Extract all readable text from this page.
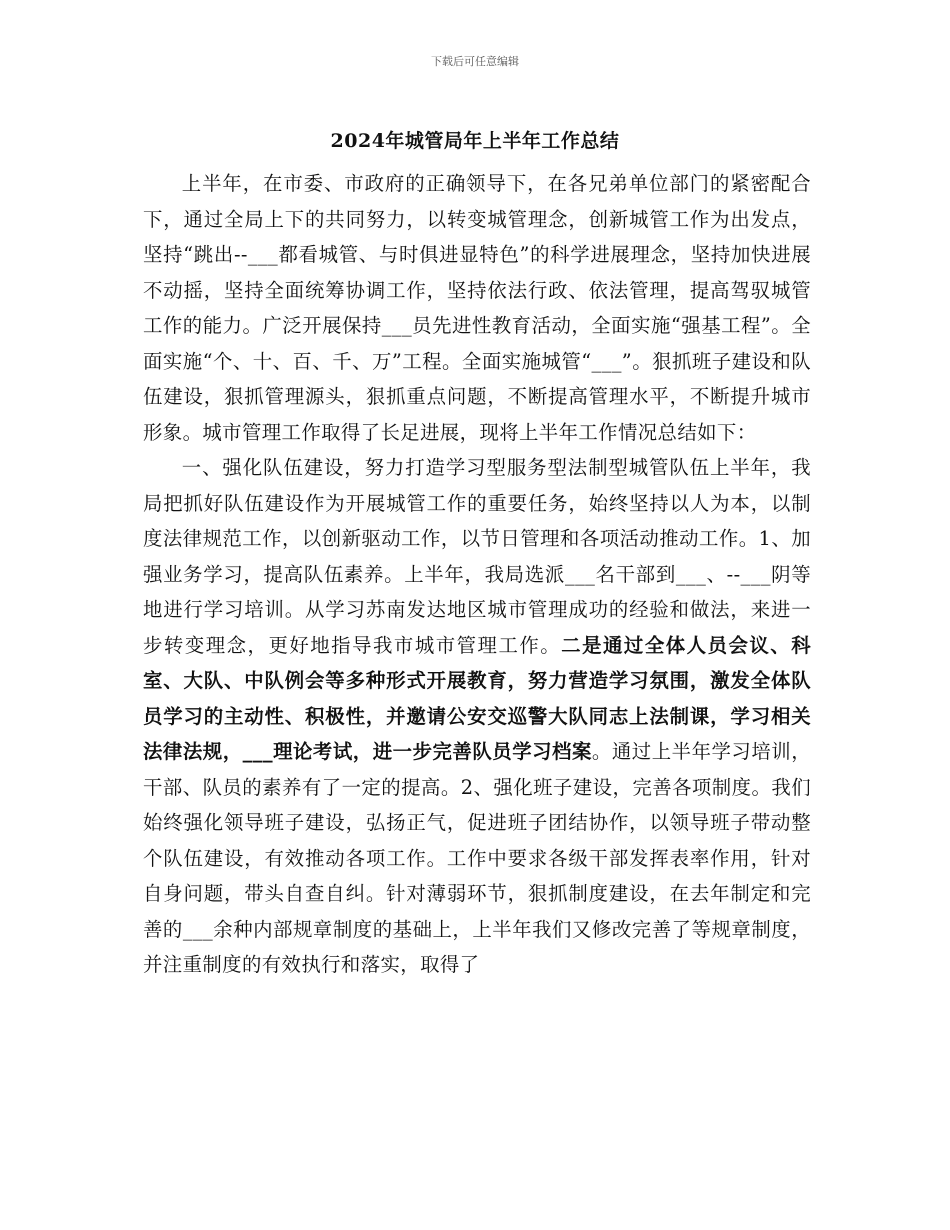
下载后可任意编辑
2024年城管局年上半年工作总结

上半年，在市委、市政府的正确领导下，在各兄弟单位部门的紧密配合下，通过全局上下的共同努力，以转变城管理念，创新城管工作为出发点，坚持“跳出--___都看城管、与时俱进显特色”的科学进展理念，坚持加快进展不动摇，坚持全面统筹协调工作，坚持依法行政、依法管理，提高驾驭城管工作的能力。广泛开展保持___员先进性教育活动，全面实施“强基工程”。全面实施“个、十、百、千、万”工程。全面实施城管“___”。狠抓班子建设和队伍建设，狠抓管理源头，狠抓重点问题，不断提高管理水平，不断提升城市形象。城市管理工作取得了长足进展，现将上半年工作情况总结如下：

一、强化队伍建设，努力打造学习型服务型法制型城管队伍上半年，我局把抓好队伍建设作为开展城管工作的重要任务，始终坚持以人为本，以制度法律规范工作，以创新驱动工作，以节日管理和各项活动推动工作。1、加强业务学习，提高队伍素养。上半年，我局选派___名干部到___、--___阴等地进行学习培训。从学习苏南发达地区城市管理成功的经验和做法，来进一步转变理念，更好地指导我市城市管理工作。二是通过全体人员会议、科室、大队、中队例会等多种形式开展教育，努力营造学习氛围，激发全体队员学习的主动性、积极性，并邀请公安交巡警大队同志上法制课，学习相关法律法规，___理论考试，进一步完善队员学习档案。通过上半年学习培训，干部、队员的素养有了一定的提高。2、强化班子建设，完善各项制度。我们始终强化领导班子建设，弘扬正气，促进班子团结协作，以领导班子带动整个队伍建设，有效推动各项工作。工作中要求各级干部发挥表率作用，针对自身问题，带头自查自纠。针对薄弱环节，狠抓制度建设，在去年制定和完善的___余种内部规章制度的基础上，上半年我们又修改完善了等规章制度，并注重制度的有效执行和落实，取得了
